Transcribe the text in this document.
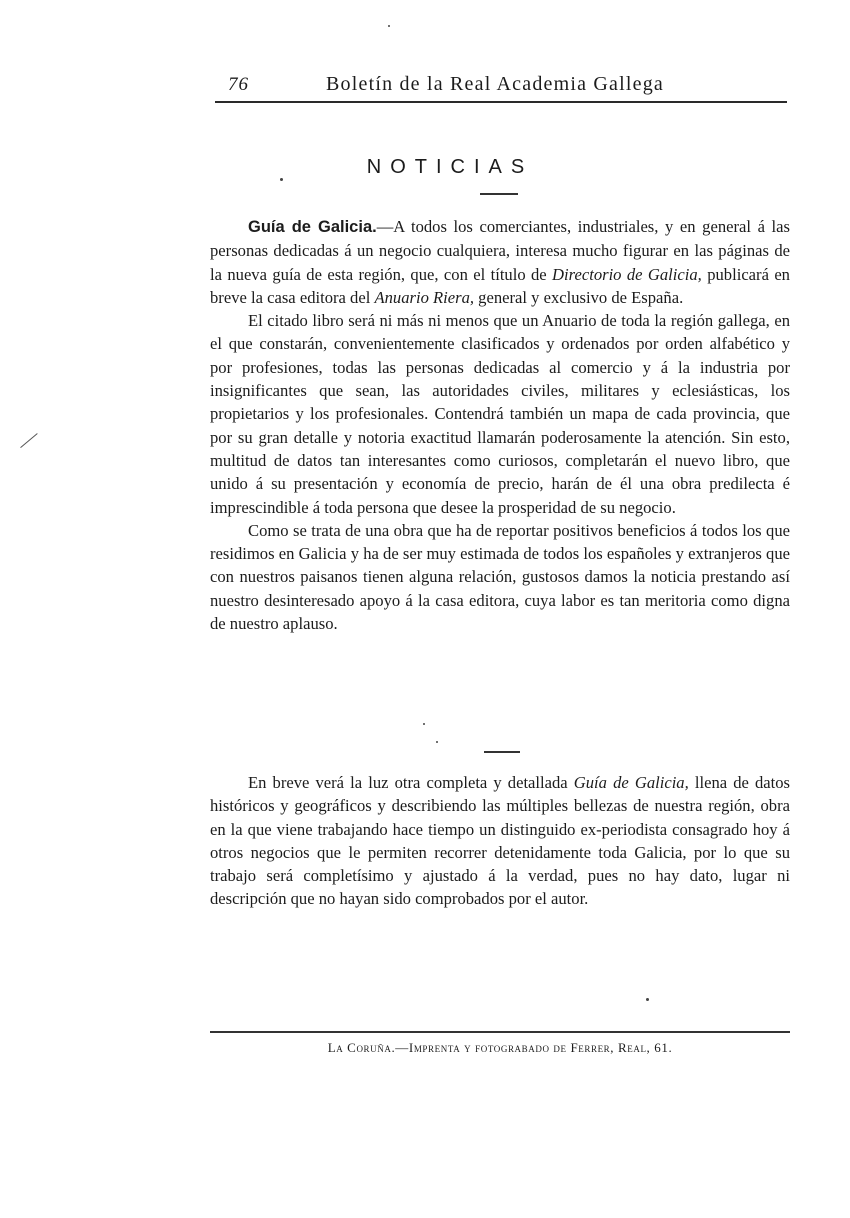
76	Boletín de la Real Academia Gallega
NOTICIAS

Guía de Galicia.—A todos los comerciantes, industriales, y en general á las personas dedicadas á un negocio cualquiera, interesa mucho figurar en las páginas de la nueva guía de esta región, que, con el título de Directorio de Galicia, publicará en breve la casa editora del Anuario Riera, general y exclusivo de España.

El citado libro será ni más ni menos que un Anuario de toda la región gallega, en el que constarán, convenientemente clasificados y ordenados por orden alfabético y por profesiones, todas las personas dedicadas al comercio y á la industria por insignificantes que sean, las autoridades civiles, militares y eclesiásticas, los propietarios y los profesionales. Contendrá también un mapa de cada provincia, que por su gran detalle y notoria exactitud llamarán poderosamente la atención. Sin esto, multitud de datos tan interesantes como curiosos, completarán el nuevo libro, que unido á su presentación y economía de precio, harán de él una obra predilecta é imprescindible á toda persona que desee la prosperidad de su negocio.

Como se trata de una obra que ha de reportar positivos beneficios á todos los que residimos en Galicia y ha de ser muy estimada de todos los españoles y extranjeros que con nuestros paisanos tienen alguna relación, gustosos damos la noticia prestando así nuestro desinteresado apoyo á la casa editora, cuya labor es tan meritoria como digna de nuestro aplauso.

En breve verá la luz otra completa y detallada Guía de Galicia, llena de datos históricos y geográficos y describiendo las múltiples bellezas de nuestra región, obra en la que viene trabajando hace tiempo un distinguido ex-periodista consagrado hoy á otros negocios que le permiten recorrer detenidamente toda Galicia, por lo que su trabajo será completísimo y ajustado á la verdad, pues no hay dato, lugar ni descripción que no hayan sido comprobados por el autor.

La Coruña.—Imprenta y fotograbado de Ferrer, Real, 61.
